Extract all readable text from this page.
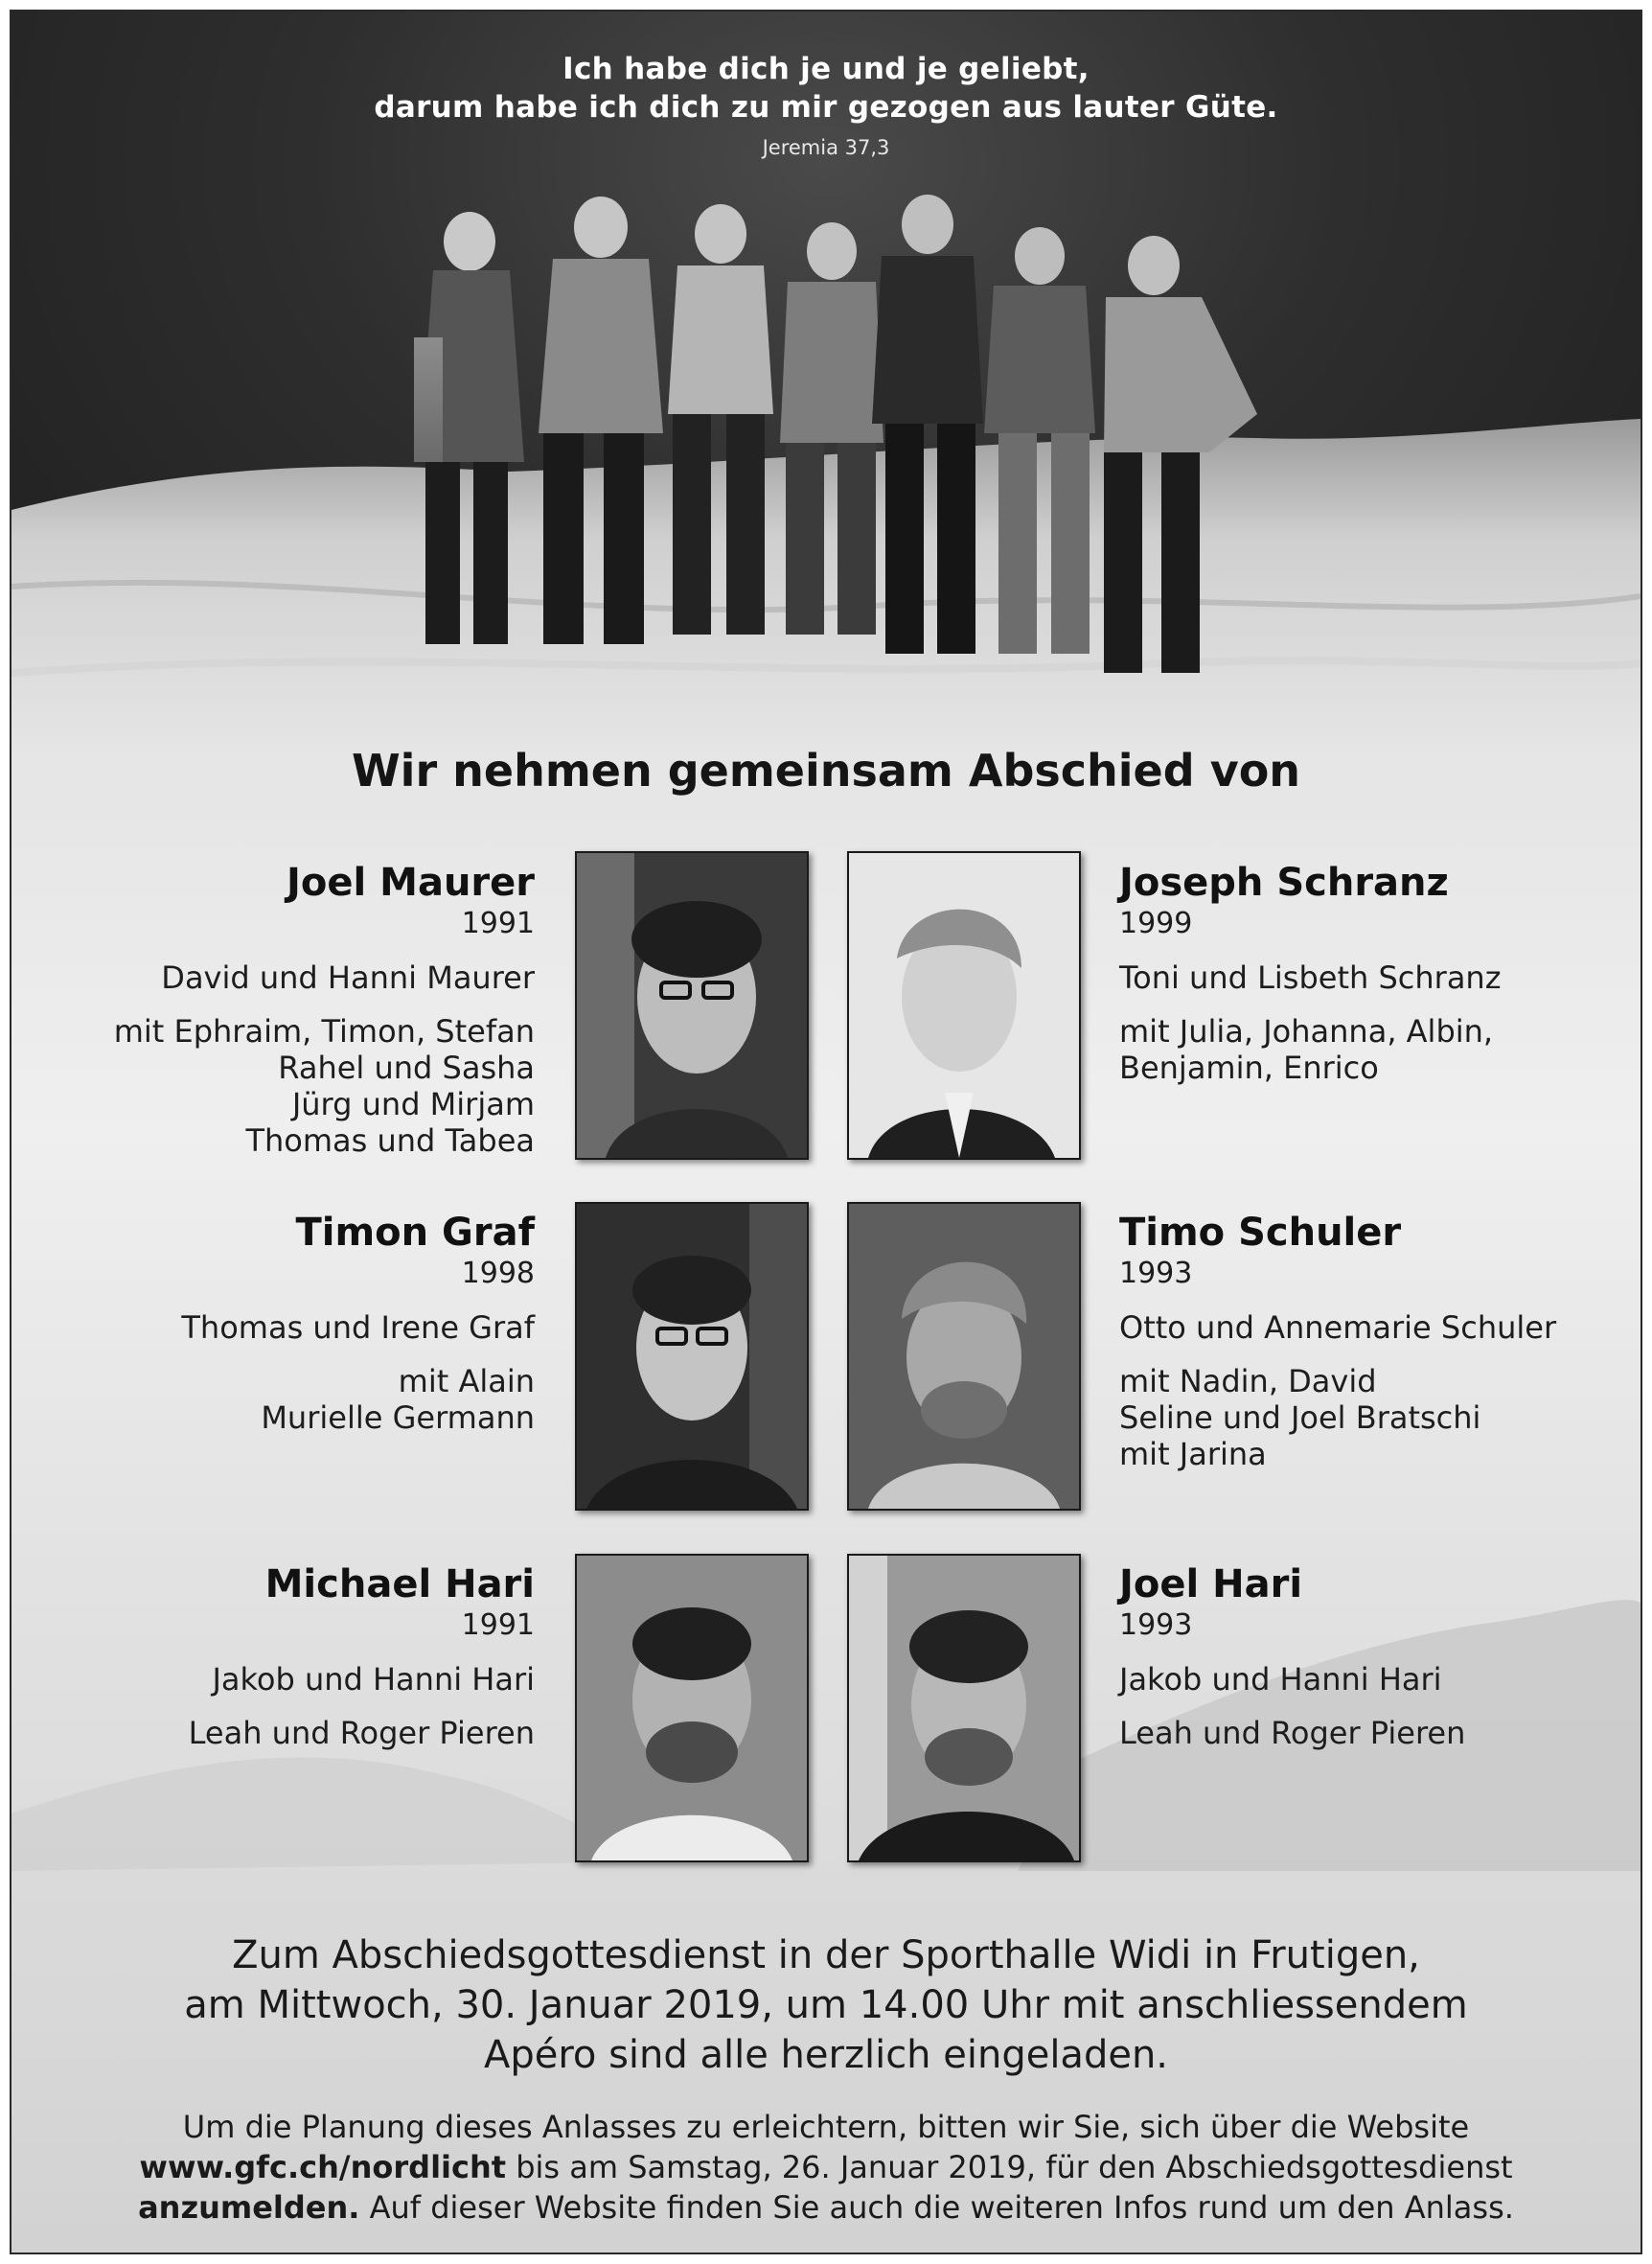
Ich habe dich je und je geliebt,
darum habe ich dich zu mir gezogen aus lauter Güte.
Jeremia 37,3
Wir nehmen gemeinsam Abschied von
Joel Maurer
1991
David und Hanni Maurer
mit Ephraim, Timon, Stefan
Rahel und Sasha
Jürg und Mirjam
Thomas und Tabea
Joseph Schranz
1999
Toni und Lisbeth Schranz
mit Julia, Johanna, Albin,
Benjamin, Enrico
Timon Graf
1998
Thomas und Irene Graf
mit Alain
Murielle Germann
Timo Schuler
1993
Otto und Annemarie Schuler
mit Nadin, David
Seline und Joel Bratschi
mit Jarina
Michael Hari
1991
Jakob und Hanni Hari
Leah und Roger Pieren
Joel Hari
1993
Jakob und Hanni Hari
Leah und Roger Pieren
Zum Abschiedsgottesdienst in der Sporthalle Widi in Frutigen,
am Mittwoch, 30. Januar 2019, um 14.00 Uhr mit anschliessendem
Apéro sind alle herzlich eingeladen.
Um die Planung dieses Anlasses zu erleichtern, bitten wir Sie, sich über die Website
www.gfc.ch/nordlicht bis am Samstag, 26. Januar 2019, für den Abschiedsgottesdienst
anzumelden. Auf dieser Website finden Sie auch die weiteren Infos rund um den Anlass.
